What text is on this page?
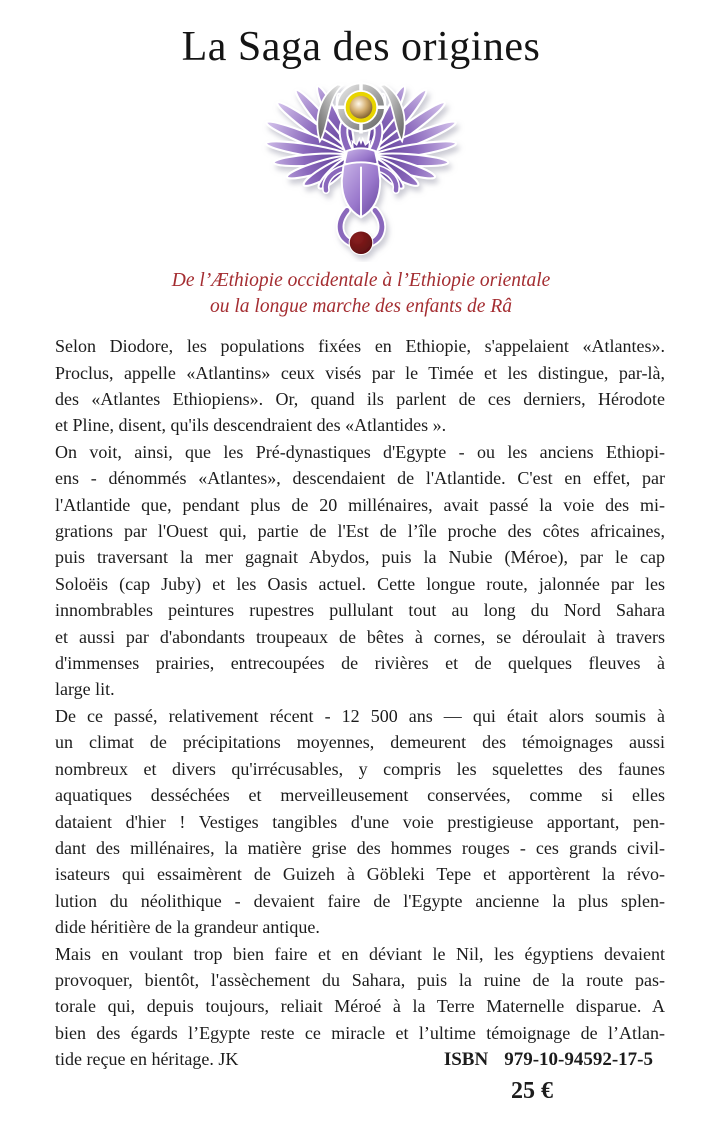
La Saga des origines
De l’Æthiopie occidentale à l’Ethiopie orientale
ou la longue marche des enfants de Râ
Selon Diodore, les populations fixées en Ethiopie, s'appelaient «Atlantes».
Proclus, appelle «Atlantins» ceux visés par le Timée et les distingue, par-là,
des «Atlantes Ethiopiens». Or, quand ils parlent de ces derniers, Hérodote
et Pline, disent, qu'ils descendraient des «Atlantides ».
On voit, ainsi, que les Pré-dynastiques d'Egypte - ou les anciens Ethiopi-
ens - dénommés «Atlantes», descendaient de l'Atlantide. C'est en effet, par
l'Atlantide que, pendant plus de 20 millénaires, avait passé la voie des mi-
grations par l'Ouest qui, partie de l'Est de l’île proche des côtes africaines,
puis traversant la mer gagnait Abydos, puis la Nubie (Méroe), par le cap
Soloëis (cap Juby) et les Oasis actuel. Cette longue route, jalonnée par les
innombrables peintures rupestres pullulant tout au long du Nord Sahara
et aussi par d'abondants troupeaux de bêtes à cornes, se déroulait à travers
d'immenses prairies, entrecoupées de rivières et de quelques fleuves à
large lit.
De ce passé, relativement récent - 12 500 ans — qui était alors soumis à
un climat de précipitations moyennes, demeurent des témoignages aussi
nombreux et divers qu'irrécusables, y compris les squelettes des faunes
aquatiques desséchées et merveilleusement conservées, comme si elles
dataient d'hier ! Vestiges tangibles d'une voie prestigieuse apportant, pen-
dant des millénaires, la matière grise des hommes rouges - ces grands civil-
isateurs qui essaimèrent de Guizeh à Göbleki Tepe et apportèrent la révo-
lution du néolithique - devaient faire de l'Egypte ancienne la plus splen-
dide héritière de la grandeur antique.
Mais en voulant trop bien faire et en déviant le Nil, les égyptiens devaient
provoquer, bientôt, l'assèchement du Sahara, puis la ruine de la route pas-
torale qui, depuis toujours, reliait Méroé à la Terre Maternelle disparue. A
bien des égards l’Egypte reste ce miracle et l’ultime témoignage de l’Atlan-
tide reçue en héritage. JK	ISBN 979-10-94592-17-5
25 €
